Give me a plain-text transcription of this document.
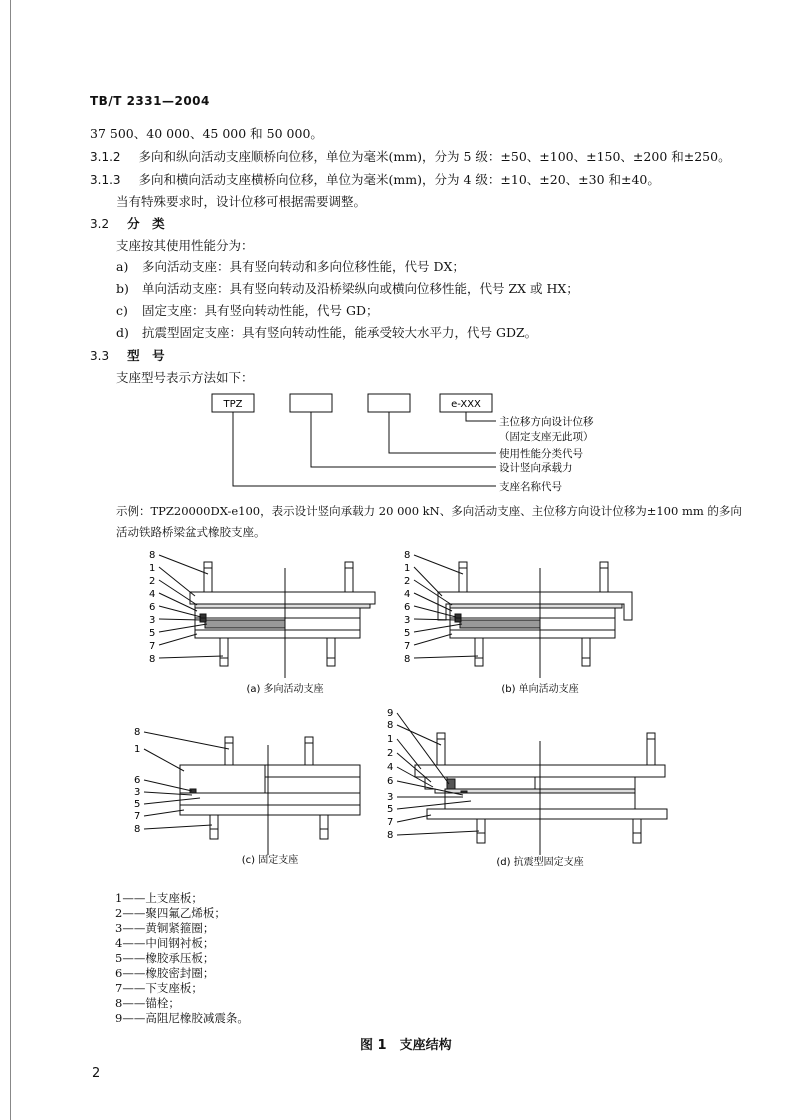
TB/T 2331—2004
37 500、40 000、45 000 和 50 000。
3.1.2 多向和纵向活动支座顺桥向位移，单位为毫米(mm)，分为 5 级：±50、±100、±150、±200 和±250。
3.1.3 多向和横向活动支座横桥向位移，单位为毫米(mm)，分为 4 级：±10、±20、±30 和±40。
当有特殊要求时，设计位移可根据需要调整。
3.2 分　类
支座按其使用性能分为：
a) 多向活动支座：具有竖向转动和多向位移性能，代号 DX；
b) 单向活动支座：具有竖向转动及沿桥梁纵向或横向位移性能，代号 ZX 或 HX；
c) 固定支座：具有竖向转动性能，代号 GD；
d) 抗震型固定支座：具有竖向转动性能，能承受较大水平力，代号 GDZ。
3.3 型　号
支座型号表示方法如下：
TPZ	e-XXX
主位移方向设计位移
（固定支座无此项）
使用性能分类代号
设计竖向承载力
支座名称代号
示例：TPZ20000DX-e100，表示设计竖向承载力 20 000 kN、多向活动支座、主位移方向设计位移为±100 mm 的多向
活动铁路桥梁盆式橡胶支座。
8
1
2
4
6
3
5
7
8
(a) 多向活动支座
8
1
2
4
6
3
5
7
8
(b) 单向活动支座
8
1
6
3
5
7
8
(c) 固定支座
9
8
1
2
4
6
3
5
7
8
(d) 抗震型固定支座
1——上支座板；
2——聚四氟乙烯板；
3——黄铜紧箍圈；
4——中间钢衬板；
5——橡胶承压板；
6——橡胶密封圈；
7——下支座板；
8——锚栓；
9——高阻尼橡胶减震条。
图 1　支座结构
2
